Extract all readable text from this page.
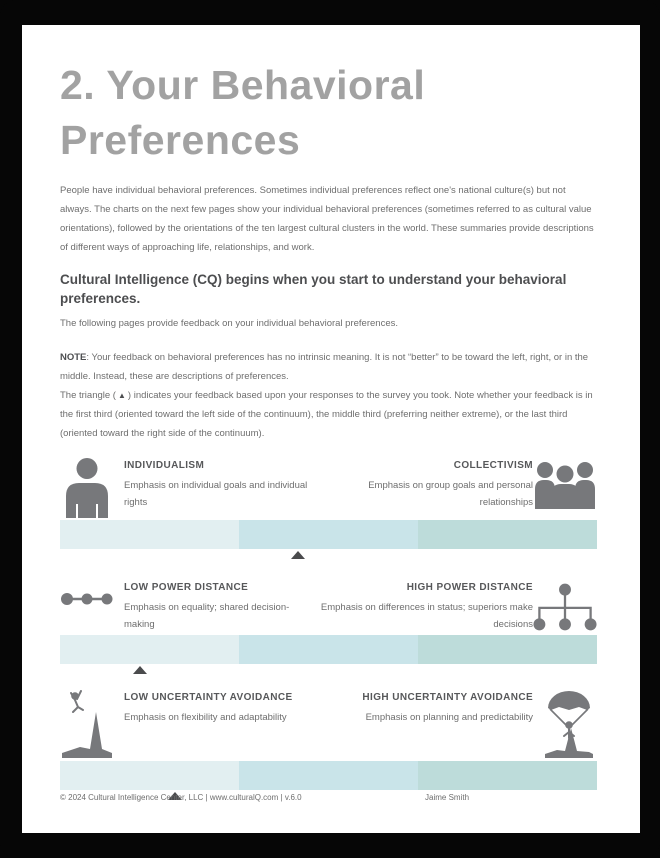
2. Your Behavioral Preferences

People have individual behavioral preferences. Sometimes individual preferences reflect one's national culture(s) but not always. The charts on the next few pages show your individual behavioral preferences (sometimes referred to as cultural value orientations), followed by the orientations of the ten largest cultural clusters in the world. These summaries provide descriptions of different ways of approaching life, relationships, and work.

Cultural Intelligence (CQ) begins when you start to understand your behavioral preferences.

The following pages provide feedback on your individual behavioral preferences.

NOTE: Your feedback on behavioral preferences has no intrinsic meaning. It is not “better” to be toward the left, right, or in the middle. Instead, these are descriptions of preferences.
The triangle ( ▲ ) indicates your feedback based upon your responses to the survey you took. Note whether your feedback is in the first third (oriented toward the left side of the continuum), the middle third (preferring neither extreme), or the last third (oriented toward the right side of the continuum).

INDIVIDUALISM
Emphasis on individual goals and individual rights
COLLECTIVISM
Emphasis on group goals and personal relationships
LOW POWER DISTANCE
Emphasis on equality; shared decision-making
HIGH POWER DISTANCE
Emphasis on differences in status; superiors make decisions
LOW UNCERTAINTY AVOIDANCE
Emphasis on flexibility and adaptability
HIGH UNCERTAINTY AVOIDANCE
Emphasis on planning and predictability
© 2024 Cultural Intelligence Center, LLC | www.culturalQ.com | v.6.0	Jaime Smith
